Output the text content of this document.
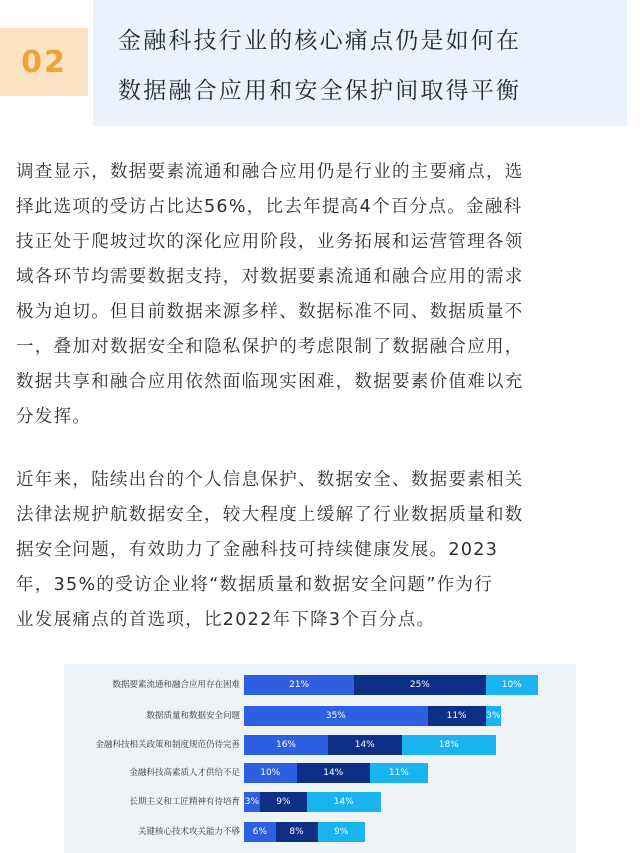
02
金融科技行业的核心痛点仍是如何在
数据融合应用和安全保护间取得平衡
调查显示，数据要素流通和融合应用仍是行业的主要痛点，选
择此选项的受访占比达56%，比去年提高4个百分点。金融科
技正处于爬坡过坎的深化应用阶段，业务拓展和运营管理各领
域各环节均需要数据支持，对数据要素流通和融合应用的需求
极为迫切。但目前数据来源多样、数据标准不同、数据质量不
一，叠加对数据安全和隐私保护的考虑限制了数据融合应用，
数据共享和融合应用依然面临现实困难，数据要素价值难以充
分发挥。
近年来，陆续出台的个人信息保护、数据安全、数据要素相关
法律法规护航数据安全，较大程度上缓解了行业数据质量和数
据安全问题，有效助力了金融科技可持续健康发展。2023
年，35%的受访企业将“数据质量和数据安全问题”作为行
业发展痛点的首选项，比2022年下降3个百分点。
数据要素流通和融合应用存在困难	21%	25%	10%
数据质量和数据安全问题	35%	11%	3%
金融科技相关政策和制度规范仍待完善	16%	14%	18%
金融科技高素质人才供给不足	10%	14%	11%
长期主义和工匠精神有待培育 3%	9%	14%
关键核心技术攻关能力不够	6%	8%	9%
